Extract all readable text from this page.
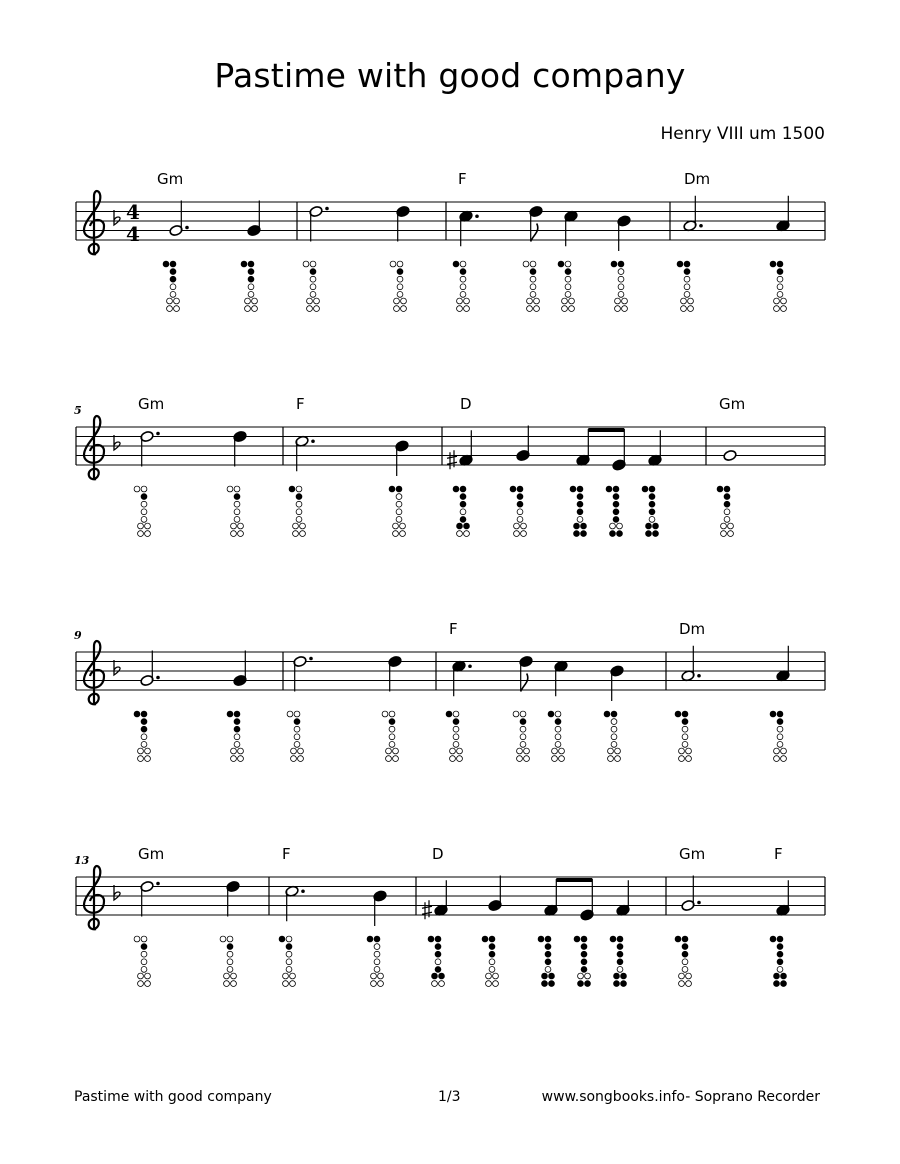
Pastime with good company
Henry VIII um 1500
4
4
Gm	F	Dm
5	Gm	F	D	Gm
9	F	Dm
13	Gm	F	D	Gm	F
Pastime with good company	1/3	www.songbooks.info- Soprano Recorder
